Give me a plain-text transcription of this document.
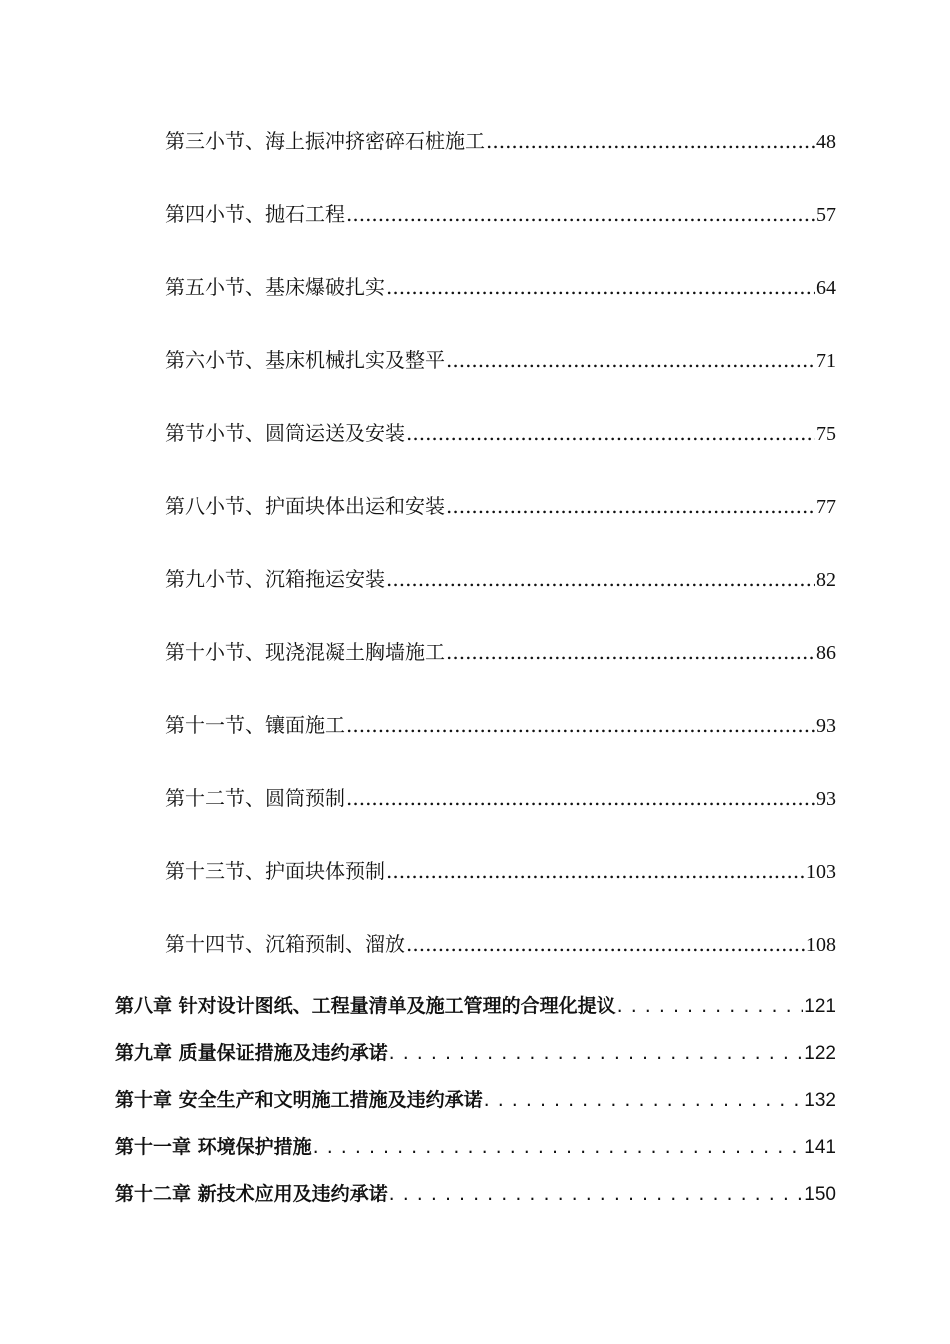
第三小节、海上振冲挤密碎石桩施工 .....	48
第四小节、抛石工程 .....	57
第五小节、基床爆破扎实 .....	64
第六小节、基床机械扎实及整平 .....	71
第节小节、圆筒运送及安装 .....	75
第八小节、护面块体出运和安装 .....	77
第九小节、沉箱拖运安装 .....	82
第十小节、现浇混凝土胸墙施工 .....	86
第十一节、镶面施工 .....	93
第十二节、圆筒预制 .....	93
第十三节、护面块体预制 .....	103
第十四节、沉箱预制、溜放 .....	108
第八章 针对设计图纸、工程量清单及施工管理的合理化提议 . . .	121
第九章 质量保证措施及违约承诺 . . .	122
第十章 安全生产和文明施工措施及违约承诺 . . .	132
第十一章 环境保护措施 . . .	141
第十二章 新技术应用及违约承诺 . . .	150
